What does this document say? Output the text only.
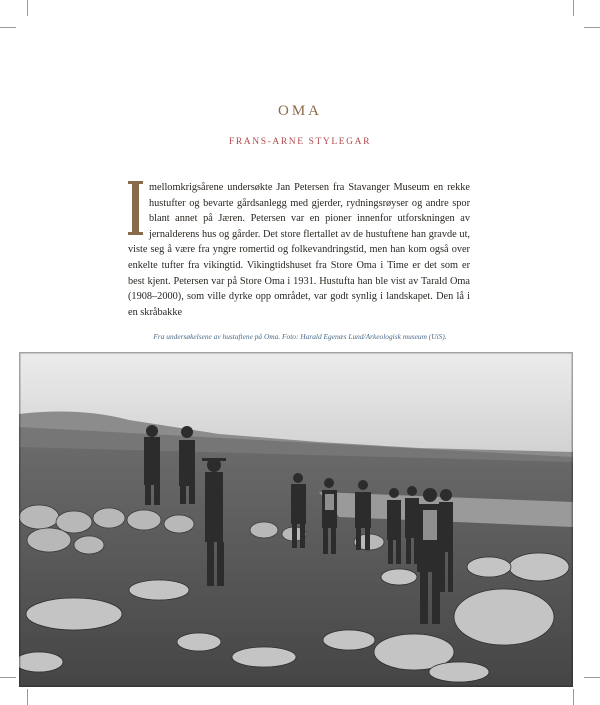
OMA
FRANS-ARNE STYLEGAR
I
mellomkrigsårene undersøkte Jan Petersen fra Stavanger Museum en rekke hustufter og bevarte gårdsanlegg med gjerder, rydningsrøyser og andre spor blant annet på Jæren. Petersen var en pioner innenfor utforskningen av jernalderens hus og gårder. Det store flertallet av de hustuftene han gravde ut, viste seg å være fra yngre romertid og folkevandringstid, men han kom også over enkelte tufter fra vikingtid. Vikingtidshuset fra Store Oma i Time er det som er best kjent. Petersen var på Store Oma i 1931. Hustufta han ble vist av Tarald Oma (1908–2000), som ville dyrke opp området, var godt synlig i landskapet. Den lå i en skråbakke
Fra undersøkelsene av hustuftene på Oma. Foto: Harald Egenæs Lund/Arkeologisk museum (UiS).
